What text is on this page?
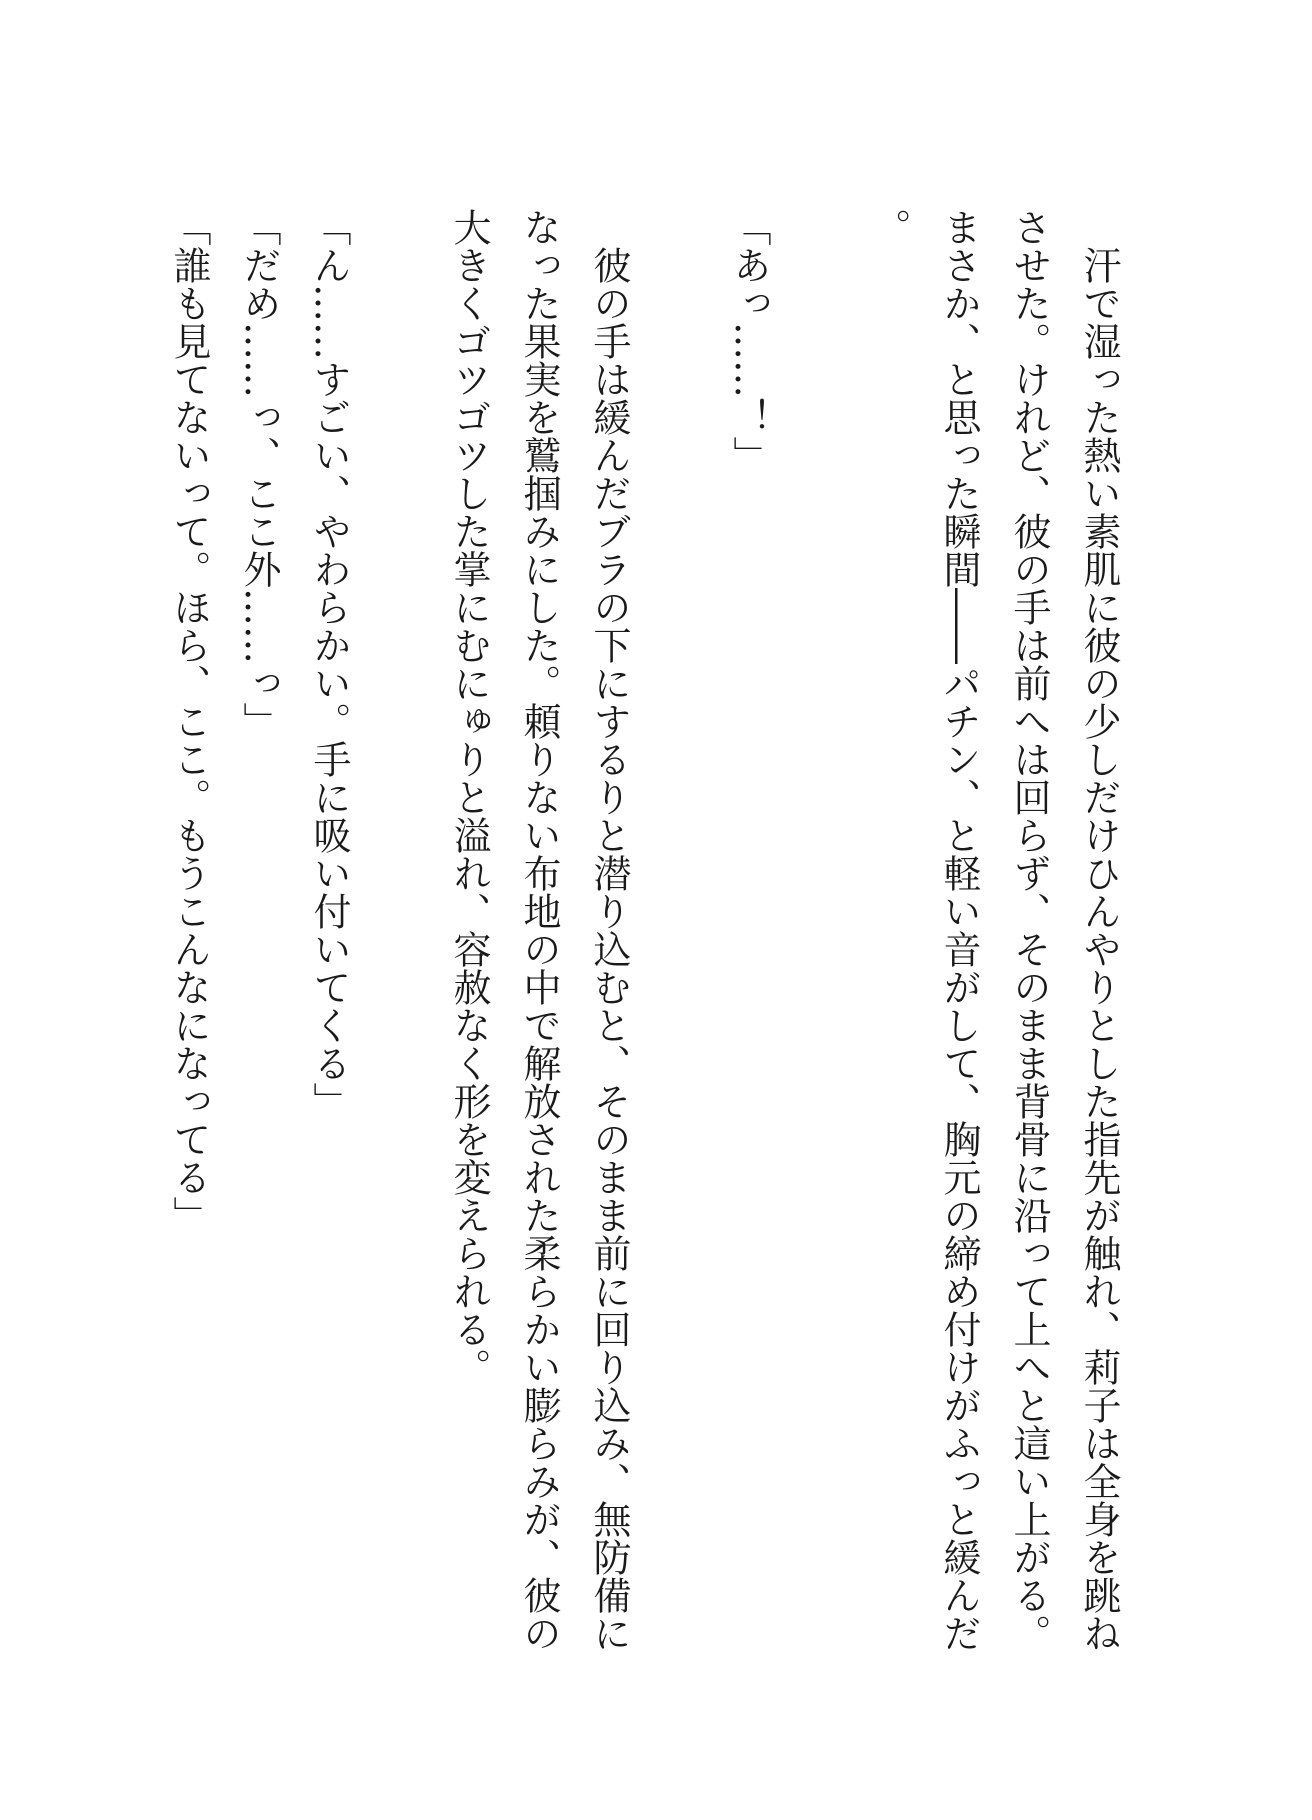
汗で湿った熱い素肌に彼の少しだけひんやりとした指先が触れ、莉子は全身を跳ねさせた。けれど、彼の手は前へは回らず、そのまま背骨に沿って上へと這い上がる。まさか、と思った瞬間――パチン、と軽い音がして、胸元の締め付けがふっと緩んだ。
「あっ……！」
彼の手は緩んだブラの下にするりと潜り込むと、そのまま前に回り込み、無防備になった果実を鷲掴みにした。頼りない布地の中で解放された柔らかい膨らみが、彼の大きくゴツゴツした掌にむにゅりと溢れ、容赦なく形を変えられる。
「ん……すごい、やわらかい。手に吸い付いてくる」
「だめ……っ、ここ外……っ」
「誰も見てないって。ほら、ここ。もうこんなになってる」
